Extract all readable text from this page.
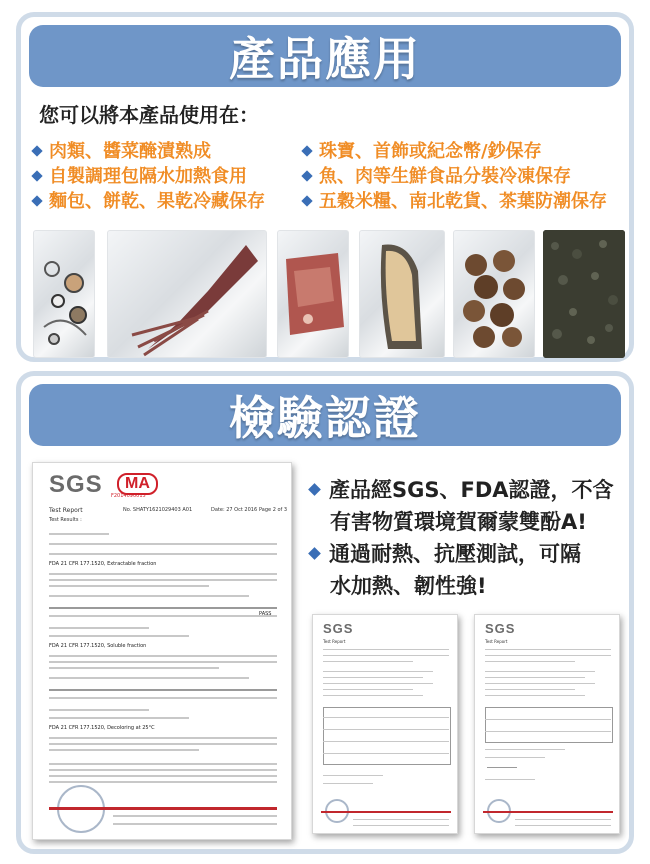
產品應用
您可以將本產品使用在：
肉類、醬菜醃漬熟成
自製調理包隔水加熱食用
麵包、餅乾、果乾冷藏保存
珠寶、首飾或紀念幣/鈔保存
魚、肉等生鮮食品分裝冷凍保存
五穀米糧、南北乾貨、茶葉防潮保存
檢驗認證
SGS	MA
F2014090015
Test Report	No. SHATY1621029403 A01	Date: 27 Oct 2016 Page 2 of 3
Test Results :
FDA 21 CFR 177.1520, Extractable fraction
PASS
FDA 21 CFR 177.1520, Soluble fraction
FDA 21 CFR 177.1520, Decoloring at 25°C
產品經SGS、FDA認證，不含
有害物質環境賀爾蒙雙酚A!
通過耐熱、抗壓測試，可隔
水加熱、韌性強!
SGS
Test Report
SGS
Test Report
